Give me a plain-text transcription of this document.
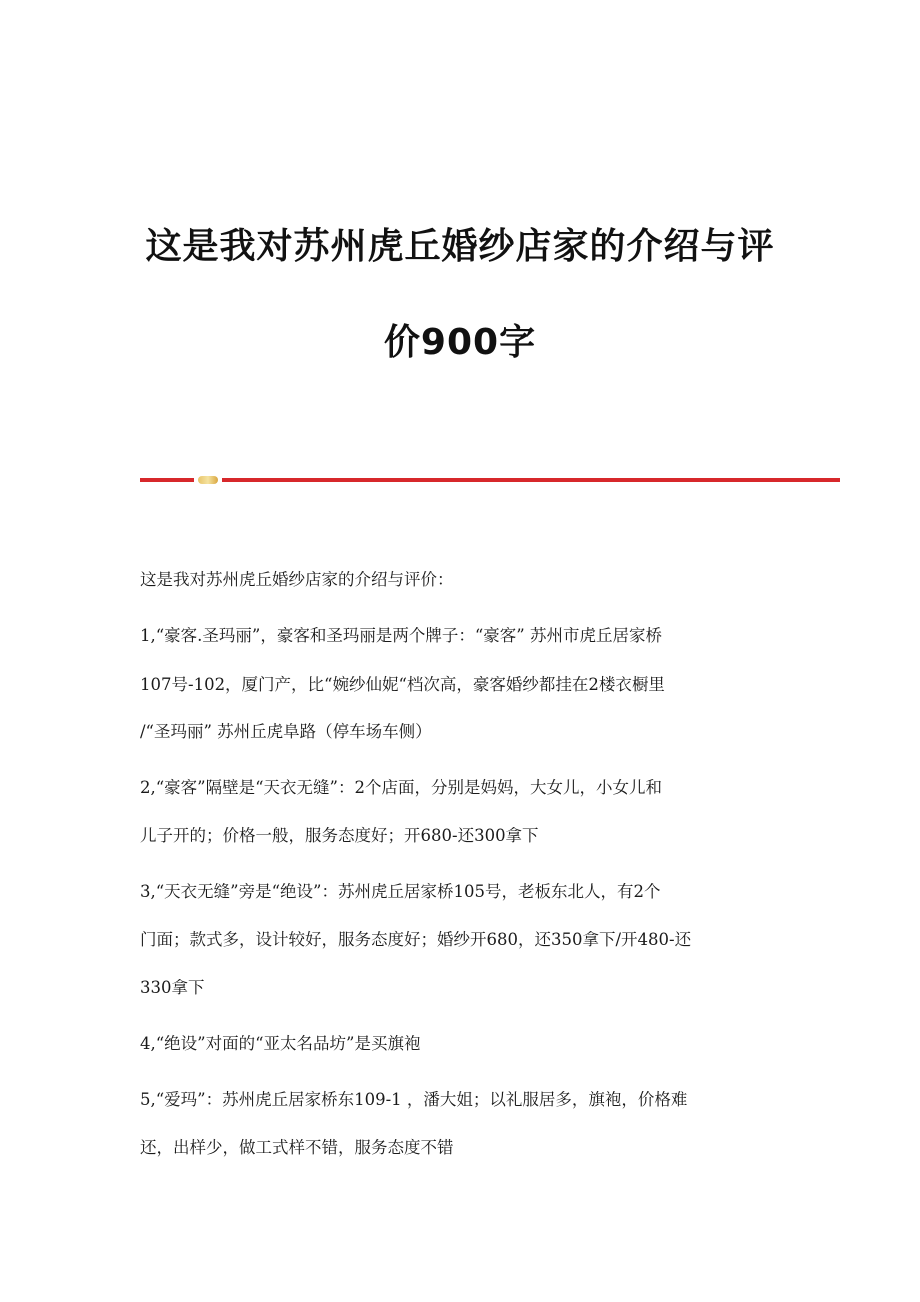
这是我对苏州虎丘婚纱店家的介绍与评
价900字
这是我对苏州虎丘婚纱店家的介绍与评价：
1,“豪客.圣玛丽”，豪客和圣玛丽是两个牌子：“豪客” 苏州市虎丘居家桥
107号-102，厦门产，比“婉纱仙妮“档次高，豪客婚纱都挂在2楼衣橱里
/“圣玛丽” 苏州丘虎阜路（停车场车侧）
2,“豪客”隔壁是“天衣无缝”：2个店面，分别是妈妈，大女儿，小女儿和
儿子开的；价格一般，服务态度好；开680-还300拿下
3,“天衣无缝”旁是“绝设”：苏州虎丘居家桥105号，老板东北人，有2个
门面；款式多，设计较好，服务态度好；婚纱开680，还350拿下/开480-还
330拿下
4,“绝设”对面的“亚太名品坊”是买旗袍
5,“爱玛”：苏州虎丘居家桥东109-1 ，潘大姐；以礼服居多，旗袍，价格难
还，出样少，做工式样不错，服务态度不错
